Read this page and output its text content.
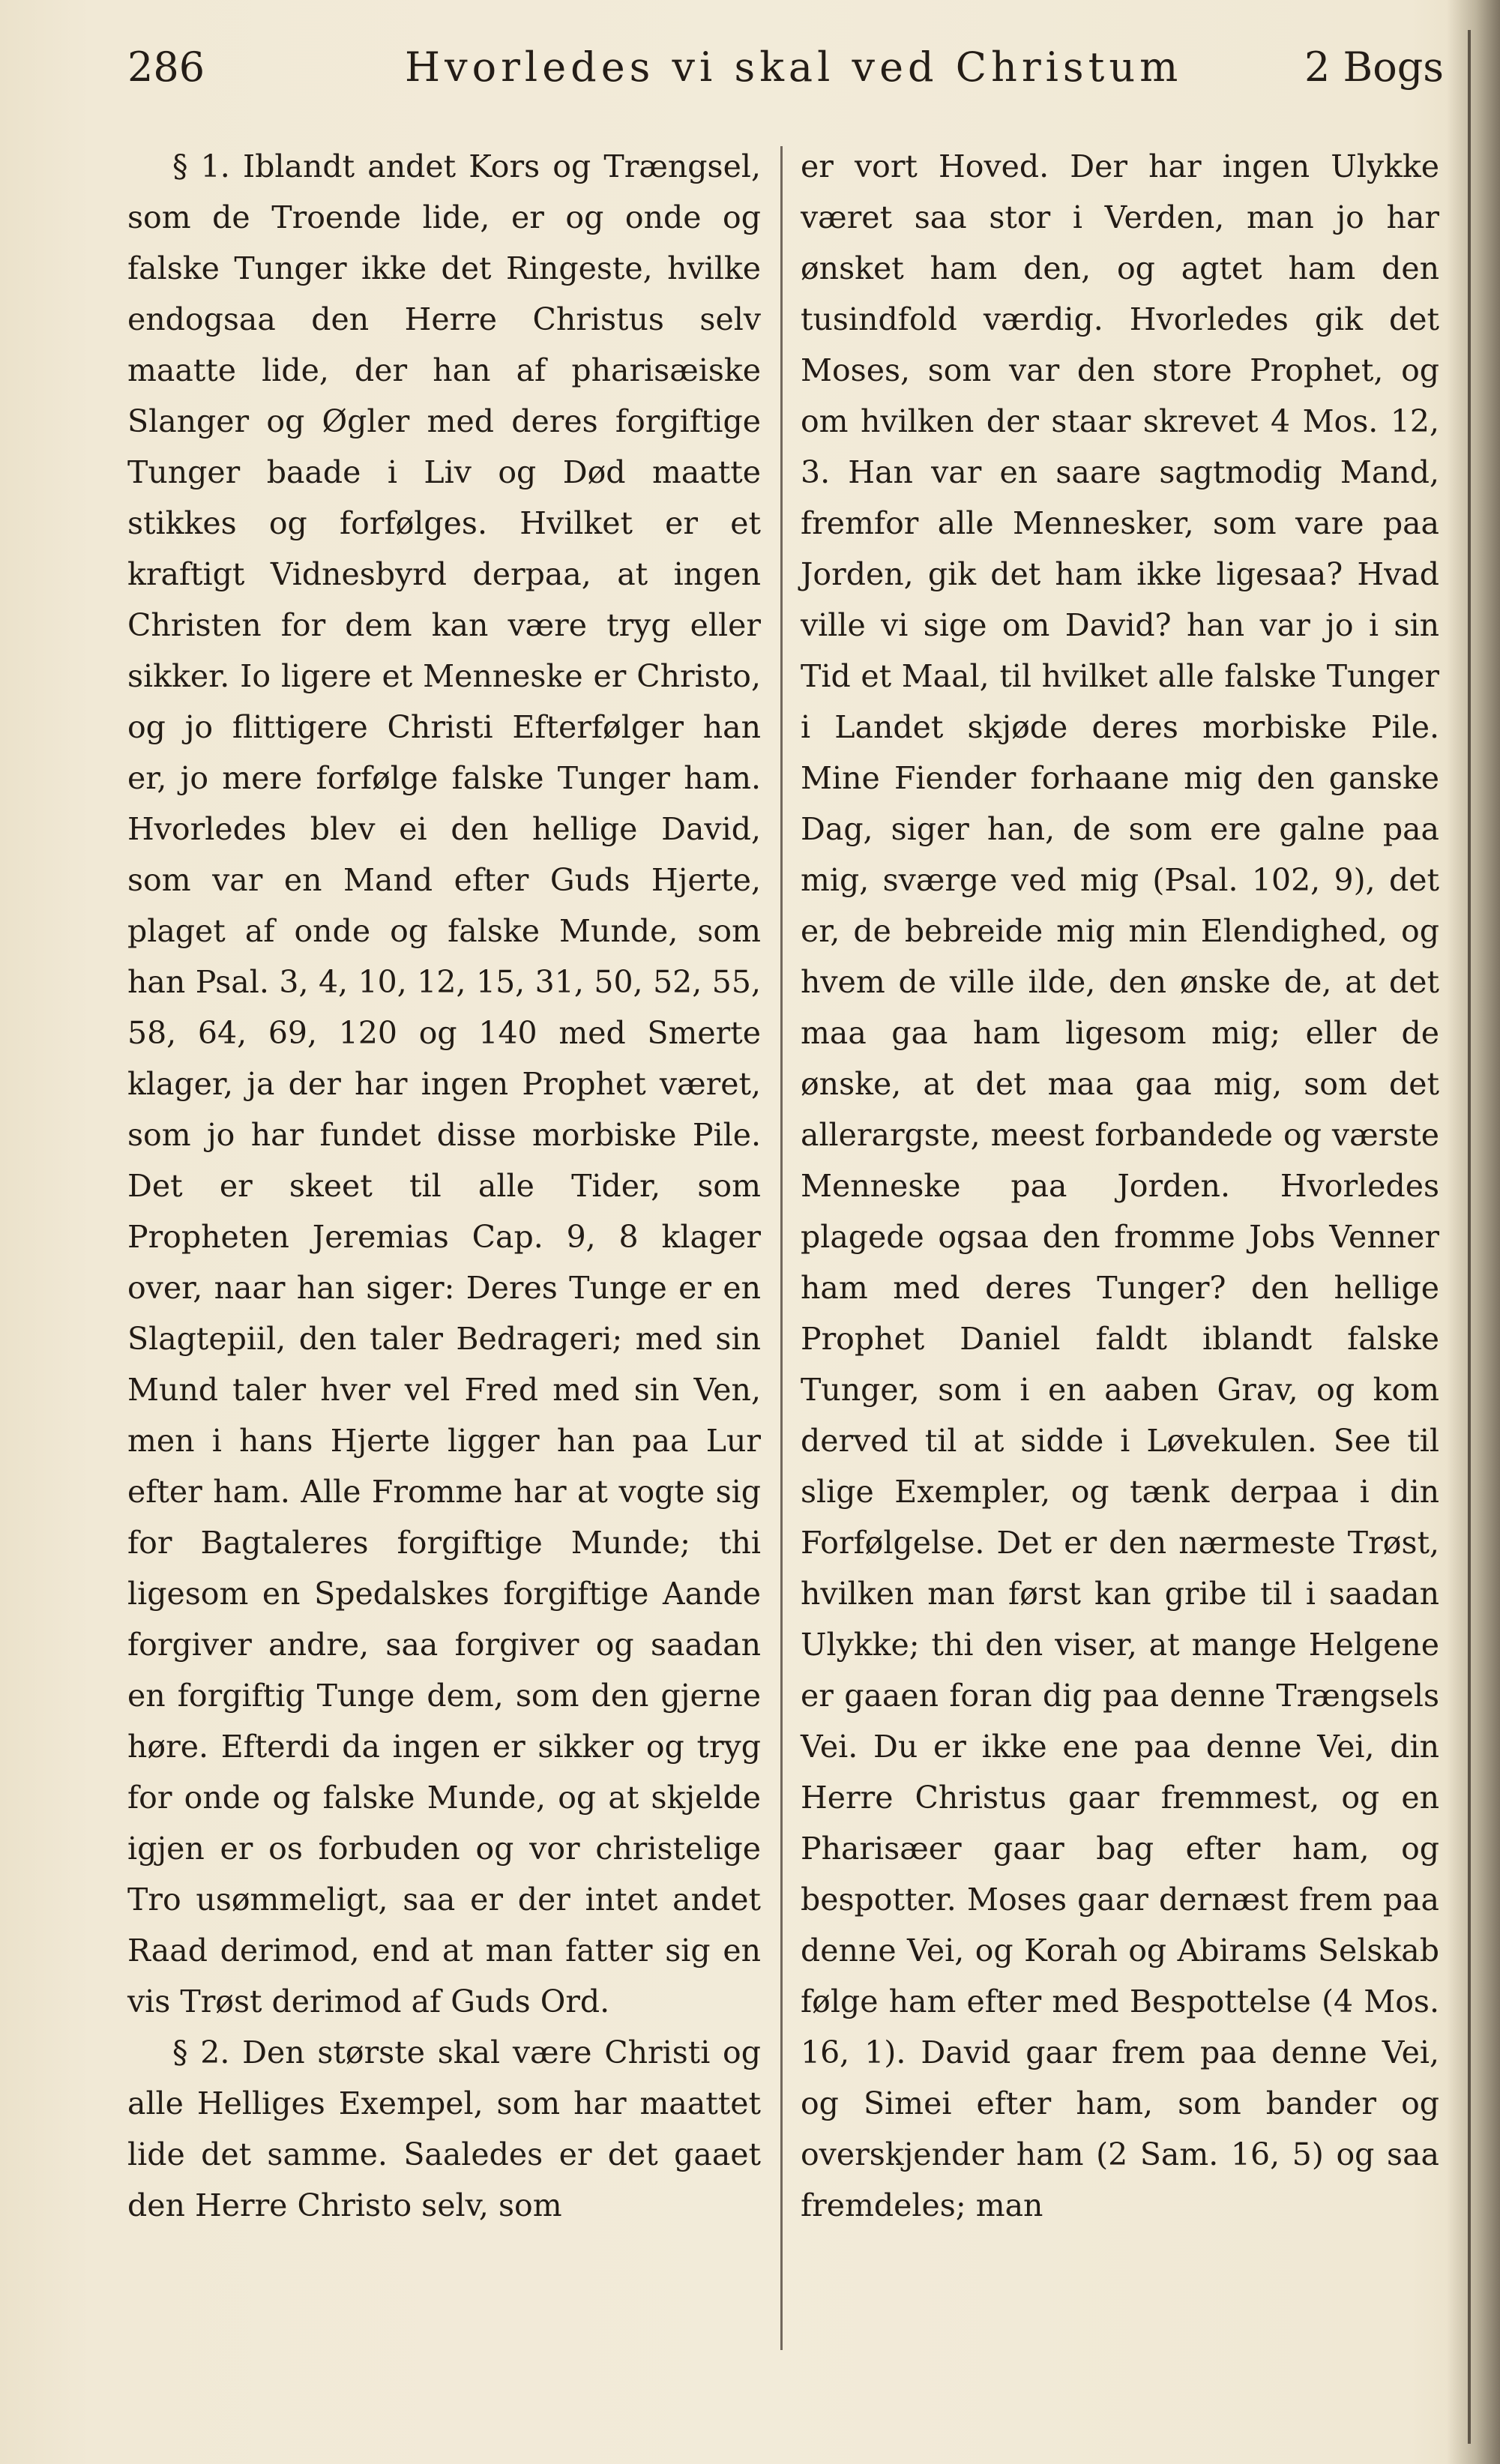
286	Hvorledes vi skal ved Christum	2 Bogs

§ 1. Iblandt andet Kors og Trængsel, som de Troende lide, er og onde og falske Tunger ikke det Ringeste, hvilke endogsaa den Herre Christus selv maatte lide, der han af pharisæiske Slanger og Øgler med deres forgiftige Tunger baade i Liv og Død maatte stikkes og forfølges. Hvilket er et kraftigt Vidnesbyrd derpaa, at ingen Christen for dem kan være tryg eller sikker. Io ligere et Menneske er Christo, og jo flittigere Christi Efterfølger han er, jo mere forfølge falske Tunger ham. Hvorledes blev ei den hellige David, som var en Mand efter Guds Hjerte, plaget af onde og falske Munde, som han Psal. 3, 4, 10, 12, 15, 31, 50, 52, 55, 58, 64, 69, 120 og 140 med Smerte klager, ja der har ingen Prophet været, som jo har fundet disse morbiske Pile. Det er skeet til alle Tider, som Propheten Jeremias Cap. 9, 8 klager over, naar han siger: Deres Tunge er en Slagtepiil, den taler Bedrageri; med sin Mund taler hver vel Fred med sin Ven, men i hans Hjerte ligger han paa Lur efter ham. Alle Fromme har at vogte sig for Bagtaleres forgiftige Munde; thi ligesom en Spedalskes forgiftige Aande forgiver andre, saa forgiver og saadan en forgiftig Tunge dem, som den gjerne høre. Efterdi da ingen er sikker og tryg for onde og falske Munde, og at skjelde igjen er os forbuden og vor christelige Tro usømmeligt, saa er der intet andet Raad derimod, end at man fatter sig en vis Trøst derimod af Guds Ord.

§ 2. Den største skal være Christi og alle Helliges Exempel, som har maattet lide det samme. Saaledes er det gaaet den Herre Christo selv, som

er vort Hoved. Der har ingen Ulykke været saa stor i Verden, man jo har ønsket ham den, og agtet ham den tusindfold værdig. Hvorledes gik det Moses, som var den store Prophet, og om hvilken der staar skrevet 4 Mos. 12, 3. Han var en saare sagtmodig Mand, fremfor alle Mennesker, som vare paa Jorden, gik det ham ikke ligesaa? Hvad ville vi sige om David? han var jo i sin Tid et Maal, til hvilket alle falske Tunger i Landet skjøde deres morbiske Pile. Mine Fiender forhaane mig den ganske Dag, siger han, de som ere galne paa mig, sværge ved mig (Psal. 102, 9), det er, de bebreide mig min Elendighed, og hvem de ville ilde, den ønske de, at det maa gaa ham ligesom mig; eller de ønske, at det maa gaa mig, som det allerargste, meest forbandede og værste Menneske paa Jorden. Hvorledes plagede ogsaa den fromme Jobs Venner ham med deres Tunger? den hellige Prophet Daniel faldt iblandt falske Tunger, som i en aaben Grav, og kom derved til at sidde i Løvekulen. See til slige Exempler, og tænk derpaa i din Forfølgelse. Det er den nærmeste Trøst, hvilken man først kan gribe til i saadan Ulykke; thi den viser, at mange Helgene er gaaen foran dig paa denne Trængsels Vei. Du er ikke ene paa denne Vei, din Herre Christus gaar fremmest, og en Pharisæer gaar bag efter ham, og bespotter. Moses gaar dernæst frem paa denne Vei, og Korah og Abirams Selskab følge ham efter med Bespottelse (4 Mos. 16, 1). David gaar frem paa denne Vei, og Simei efter ham, som bander og overskjender ham (2 Sam. 16, 5) og saa fremdeles; man
